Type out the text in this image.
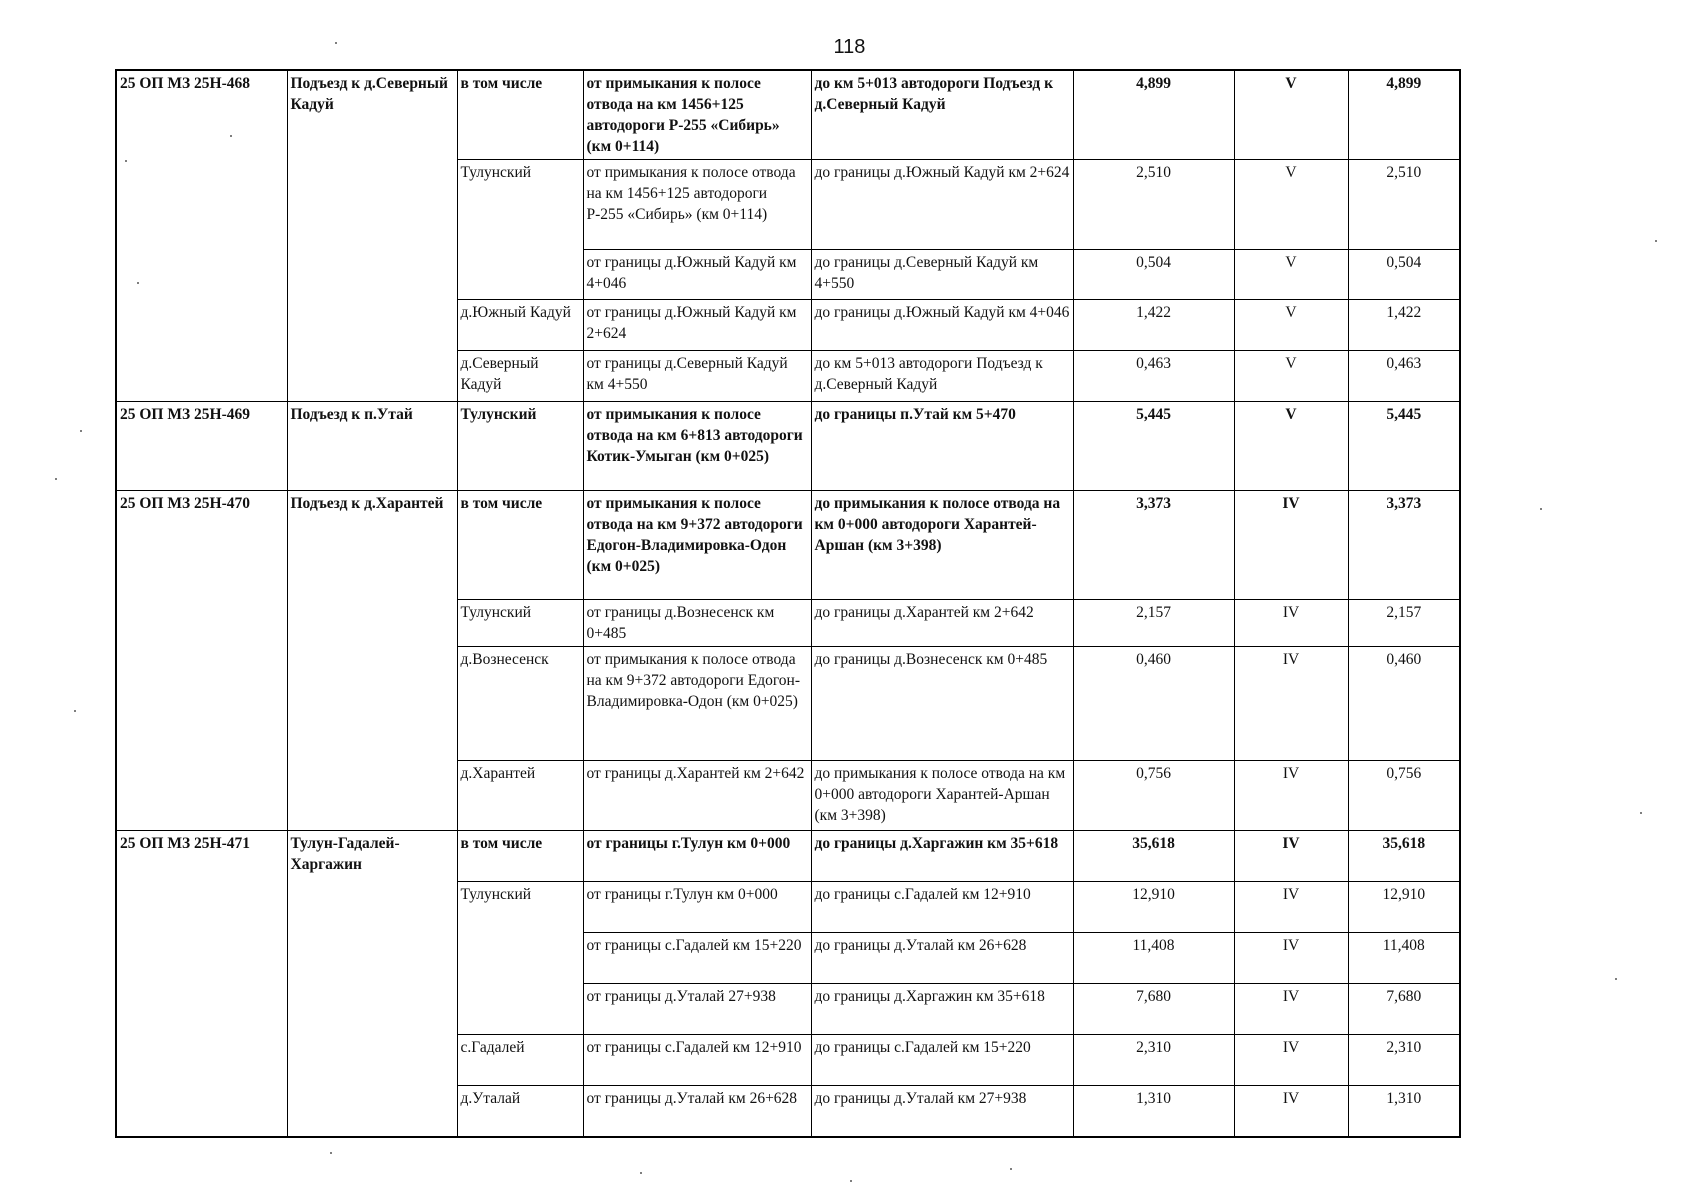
118
25 ОП МЗ 25Н-468	Подъезд к д.Северный Кадуй	в том числе	от примыкания к полосе отвода на км 1456+125 автодороги Р-255 «Сибирь» (км 0+114)	до км 5+013 автодороги Подъезд к д.Северный Кадуй	4,899	V	4,899
		Тулунский	от примыкания к полосе отвода на км 1456+125 автодороги Р-255 «Сибирь» (км 0+114)	до границы д.Южный Кадуй км 2+624	2,510	V	2,510
			от границы д.Южный Кадуй км 4+046	до границы д.Северный Кадуй км 4+550	0,504	V	0,504
		д.Южный Кадуй	от границы д.Южный Кадуй км 2+624	до границы д.Южный Кадуй км 4+046	1,422	V	1,422
		д.Северный Кадуй	от границы д.Северный Кадуй км 4+550	до км 5+013 автодороги Подъезд к д.Северный Кадуй	0,463	V	0,463
25 ОП МЗ 25Н-469	Подъезд к п.Утай	Тулунский	от примыкания к полосе отвода на км 6+813 автодороги Котик-Умыган (км 0+025)	до границы п.Утай км 5+470	5,445	V	5,445
25 ОП МЗ 25Н-470	Подъезд к д.Харантей	в том числе	от примыкания к полосе отвода на км 9+372 автодороги Едогон-Владимировка-Одон (км 0+025)	до примыкания к полосе отвода на км 0+000 автодороги Харантей-Аршан (км 3+398)	3,373	IV	3,373
		Тулунский	от границы д.Вознесенск км 0+485	до границы д.Харантей км 2+642	2,157	IV	2,157
		д.Вознесенск	от примыкания к полосе отвода на км 9+372 автодороги Едогон-Владимировка-Одон (км 0+025)	до границы д.Вознесенск км 0+485	0,460	IV	0,460
		д.Харантей	от границы д.Харантей км 2+642	до примыкания к полосе отвода на км 0+000 автодороги Харантей-Аршан (км 3+398)	0,756	IV	0,756
25 ОП МЗ 25Н-471	Тулун-Гадалей-Харгажин	в том числе	от границы г.Тулун км 0+000	до границы д.Харгажин км 35+618	35,618	IV	35,618
		Тулунский	от границы г.Тулун км 0+000	до границы с.Гадалей км 12+910	12,910	IV	12,910
			от границы с.Гадалей км 15+220	до границы д.Уталай км 26+628	11,408	IV	11,408
			от границы д.Уталай 27+938	до границы д.Харгажин км 35+618	7,680	IV	7,680
		с.Гадалей	от границы с.Гадалей км 12+910	до границы с.Гадалей км 15+220	2,310	IV	2,310
		д.Уталай	от границы д.Уталай км 26+628	до границы д.Уталай км 27+938	1,310	IV	1,310
